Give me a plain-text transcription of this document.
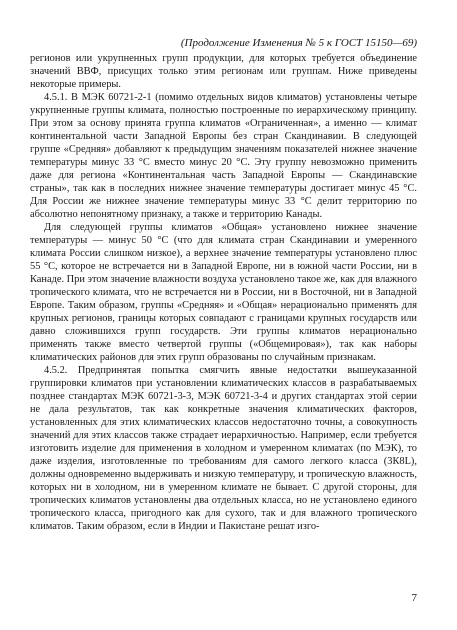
(Продолжение Изменения № 5 к ГОСТ 15150—69)

регионов или укрупненных групп продукции, для которых требуется объединение значений ВВФ, присущих только этим регионам или группам. Ниже приведены некоторые примеры.

4.5.1. В МЭК 60721-2-1 (помимо отдельных видов климатов) установлены четыре укрупненные группы климата, полностью построенные по иерархическому принципу. При этом за основу принята группа климатов «Ограниченная», а именно — климат континентальной части Западной Европы без стран Скандинавии. В следующей группе «Средняя» добавляют к предыдущим значениям показателей нижнее значение температуры минус 33 °С вместо минус 20 °С. Эту группу невозможно применить даже для региона «Континентальная часть Западной Европы — Скандинавские страны», так как в последних нижнее значение температуры достигает минус 45 °С. Для России же нижнее значение температуры минус 33 °С делит территорию по абсолютно непонятному признаку, а также и территорию Канады.

Для следующей группы климатов «Общая» установлено нижнее значение температуры — минус 50 °С (что для климата стран Скандинавии и умеренного климата России слишком низкое), а верхнее значение температуры установлено плюс 55 °С, которое не встречается ни в Западной Европе, ни в южной части России, ни в Канаде. При этом значение влажности воздуха установлено такое же, как для влажного тропического климата, что не встречается ни в России, ни в Восточной, ни в Западной Европе. Таким образом, группы «Средняя» и «Общая» нерационально применять для крупных регионов, границы которых совпадают с границами крупных государств или давно сложившихся групп государств. Эти группы климатов нерационально применять также вместо четвертой группы («Общемировая»), так как наборы климатических районов для этих групп образованы по случайным признакам.

4.5.2. Предпринятая попытка смягчить явные недостатки вышеуказанной группировки климатов при установлении климатических классов в разрабатываемых позднее стандартах МЭК 60721-3-3, МЭК 60721-3-4 и других стандартах этой серии не дала результатов, так как конкретные значения климатических факторов, установленных для этих климатических классов недостаточно точны, а совокупность значений для этих классов также страдает иерархичностью. Например, если требуется изготовить изделие для применения в холодном и умеренном климатах (по МЭК), то даже изделия, изготовленные по требованиям для самого легкого класса (3К8L), должны одновременно выдерживать и низкую температуру, и тропическую влажность, которых ни в холодном, ни в умеренном климате не бывает. С другой стороны, для тропических климатов установлены два отдельных класса, но не установлено единого тропического класса, пригодного как для сухого, так и для влажного тропического климатов. Таким образом, если в Индии и Пакистане решат изго-

7
